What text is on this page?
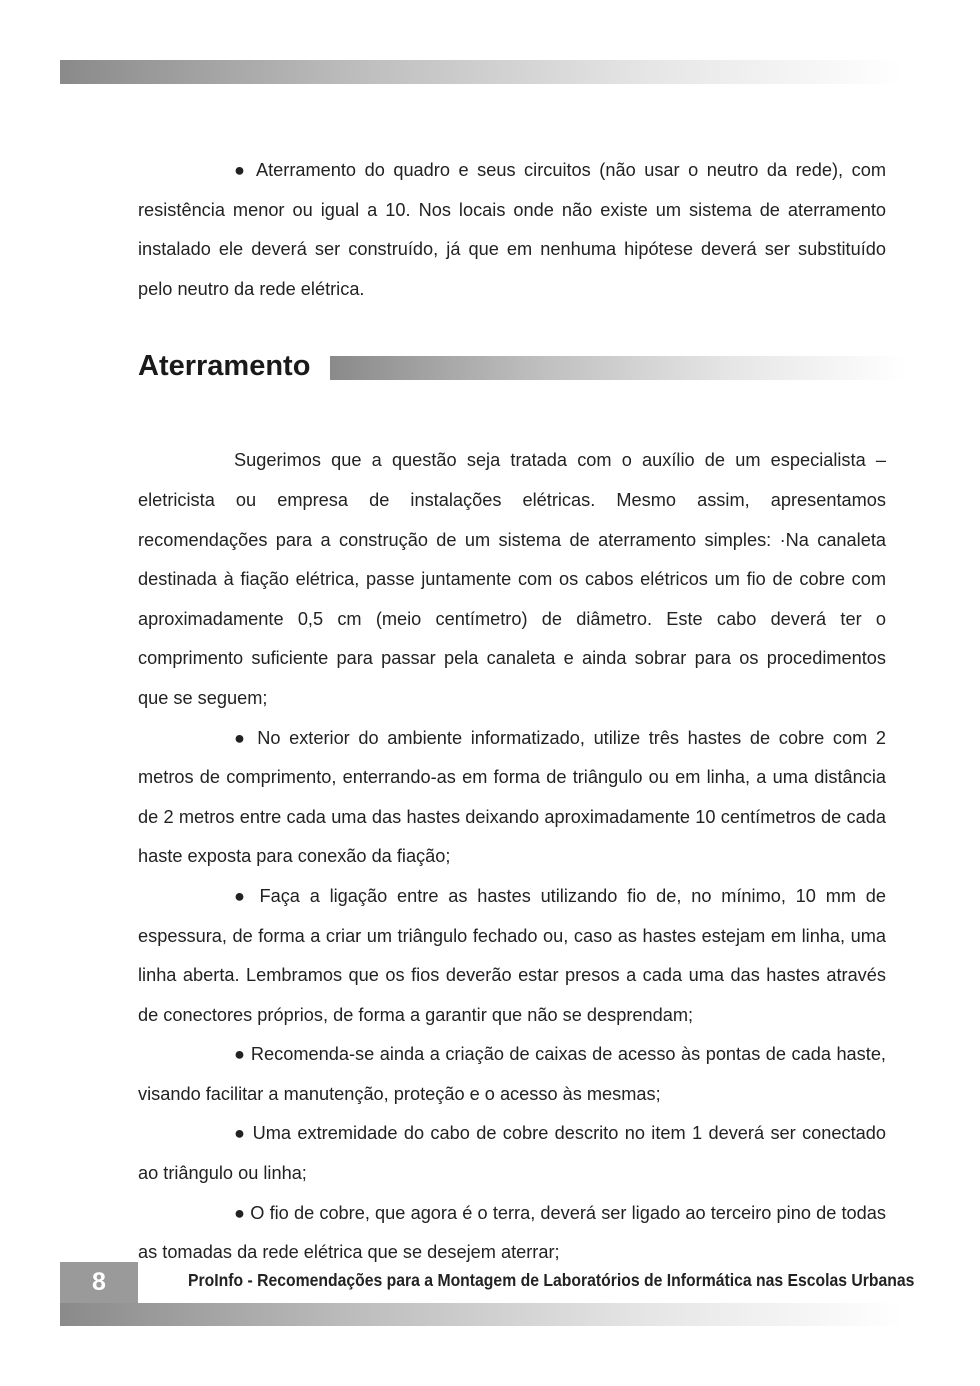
● Aterramento do quadro e seus circuitos (não usar o neutro da rede), com resistência menor ou igual a 10. Nos locais onde não existe um sistema de aterramento instalado ele deverá ser construído, já que em nenhuma hipótese deverá ser substituído pelo neutro da rede elétrica.

Aterramento

Sugerimos que a questão seja tratada com o auxílio de um especialista –eletricista ou empresa de instalações elétricas. Mesmo assim, apresentamos recomendações para a construção de um sistema de aterramento simples: ·Na canaleta destinada à fiação elétrica, passe juntamente com os cabos elétricos um fio de cobre com aproximadamente 0,5 cm (meio centímetro) de diâmetro. Este cabo deverá ter o comprimento suficiente para passar pela canaleta e ainda sobrar para os procedimentos que se seguem;

● No exterior do ambiente informatizado, utilize três hastes de cobre com 2 metros de comprimento, enterrando-as em forma de triângulo ou em linha, a uma distância de 2 metros entre cada uma das hastes deixando aproximadamente 10 centímetros de cada haste exposta para conexão da fiação;

● Faça a ligação entre as hastes utilizando fio de, no mínimo, 10 mm de espessura, de forma a criar um triângulo fechado ou, caso as hastes estejam em linha, uma linha aberta. Lembramos que os fios deverão estar presos a cada uma das hastes através de conectores próprios, de forma a garantir que não se desprendam;

● Recomenda-se ainda a criação de caixas de acesso às pontas de cada haste, visando facilitar a manutenção, proteção e o acesso às mesmas;

● Uma extremidade do cabo de cobre descrito no item 1 deverá ser conectado ao triângulo ou linha;

● O fio de cobre, que agora é o terra, deverá ser ligado ao terceiro pino de todas as tomadas da rede elétrica que se desejem aterrar;

8	ProInfo - Recomendações para a Montagem de Laboratórios de Informática nas Escolas Urbanas
